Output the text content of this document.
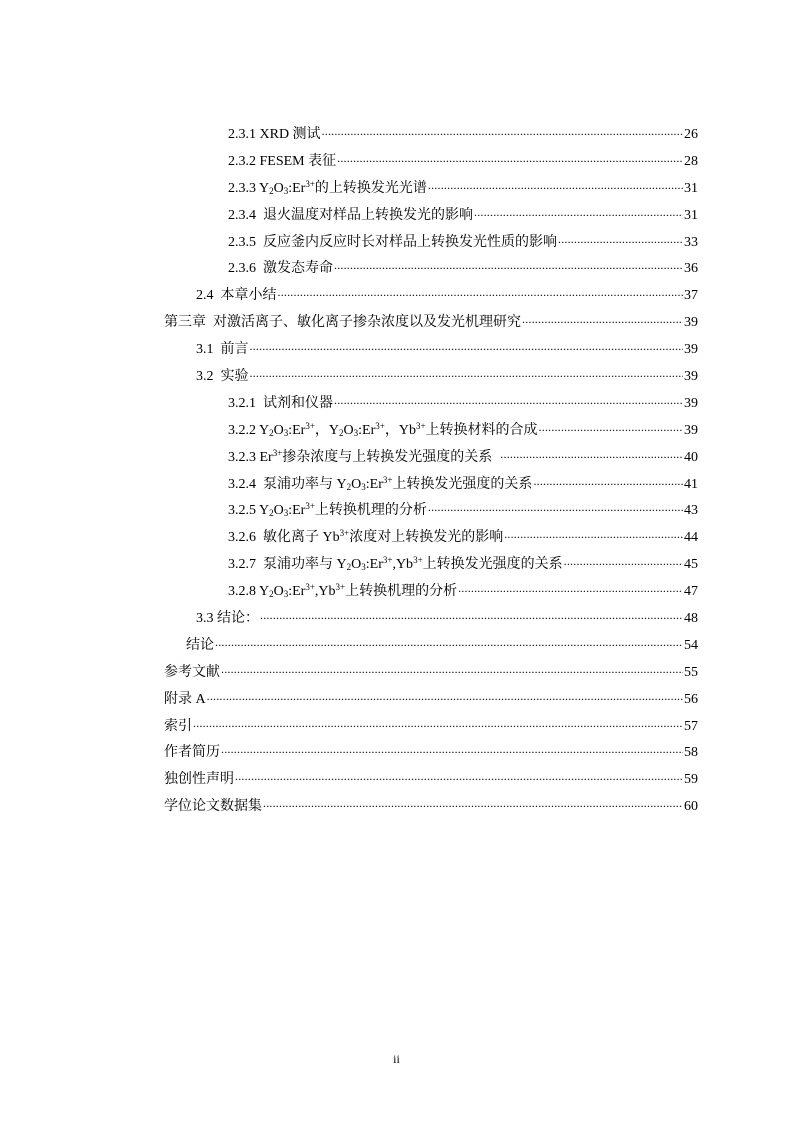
2.3.1 XRD 测试 .....	26
2.3.2 FESEM 表征 .....	28
2.3.3 $Y_2O_3:Er^{3+}$的上转换发光光谱 .....	31
2.3.4  退火温度对样品上转换发光的影响 .....	31
2.3.5  反应釜内反应时长对样品上转换发光性质的影响 .....	33
2.3.6  激发态寿命 .....	36
2.4  本章小结 .....	37
第三章  对激活离子、敏化离子掺杂浓度以及发光机理研究 .....	39
3.1  前言 .....	39
3.2  实验 .....	39
3.2.1  试剂和仪器 .....	39
3.2.2 $Y_2O_3:Er^{3+}$，$Y_2O_3:Er^{3+}$，$Yb^{3+}$上转换材料的合成 .....	39
3.2.3 $Er^{3+}$掺杂浓度与上转换发光强度的关系 .....	40
3.2.4  泵浦功率与 $Y_2O_3:Er^{3+}$上转换发光强度的关系 .....	41
3.2.5 $Y_2O_3:Er^{3+}$上转换机理的分析 .....	43
3.2.6  敏化离子 $Yb^{3+}$浓度对上转换发光的影响 .....	44
3.2.7  泵浦功率与 $Y_2O_3:Er^{3+},Yb^{3+}$上转换发光强度的关系 .....	45
3.2.8 $Y_2O_3:Er^{3+},Yb^{3+}$上转换机理的分析 .....	47
3.3 结论： .....	48
结论 .....	54
参考文献 .....	55
附录 A .....	56
索引 .....	57
作者简历 .....	58
独创性声明 .....	59
学位论文数据集 .....	60
ii
